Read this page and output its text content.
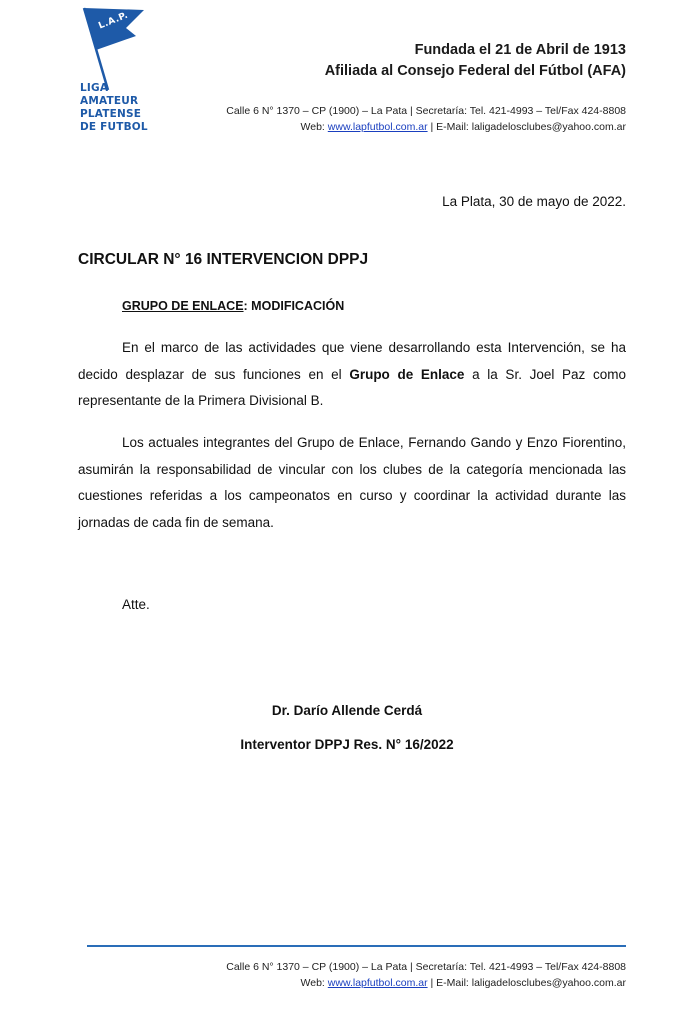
L.A.P.
LIGA
AMATEUR
PLATENSE
DE FUTBOL
Fundada el 21 de Abril de 1913
Afiliada al Consejo Federal del Fútbol (AFA)
Calle 6 N° 1370 – CP (1900) – La Pata | Secretaría: Tel. 421-4993 – Tel/Fax 424-8808
Web: www.lapfutbol.com.ar | E-Mail: laligadelosclubes@yahoo.com.ar
La Plata, 30 de mayo de 2022.
CIRCULAR N° 16 INTERVENCION DPPJ
GRUPO DE ENLACE: MODIFICACIÓN
En el marco de las actividades que viene desarrollando esta Intervención, se ha decido desplazar de sus funciones en el Grupo de Enlace a la Sr. Joel Paz como representante de la Primera Divisional B.
Los actuales integrantes del Grupo de Enlace, Fernando Gando y Enzo Fiorentino, asumirán la responsabilidad de vincular con los clubes de la categoría mencionada las cuestiones referidas a los campeonatos en curso y coordinar la actividad durante las jornadas de cada fin de semana.
Atte.
Dr. Darío Allende Cerdá
Interventor DPPJ Res. N° 16/2022
Calle 6 N° 1370 – CP (1900) – La Pata | Secretaría: Tel. 421-4993 – Tel/Fax 424-8808
Web: www.lapfutbol.com.ar | E-Mail: laligadelosclubes@yahoo.com.ar
